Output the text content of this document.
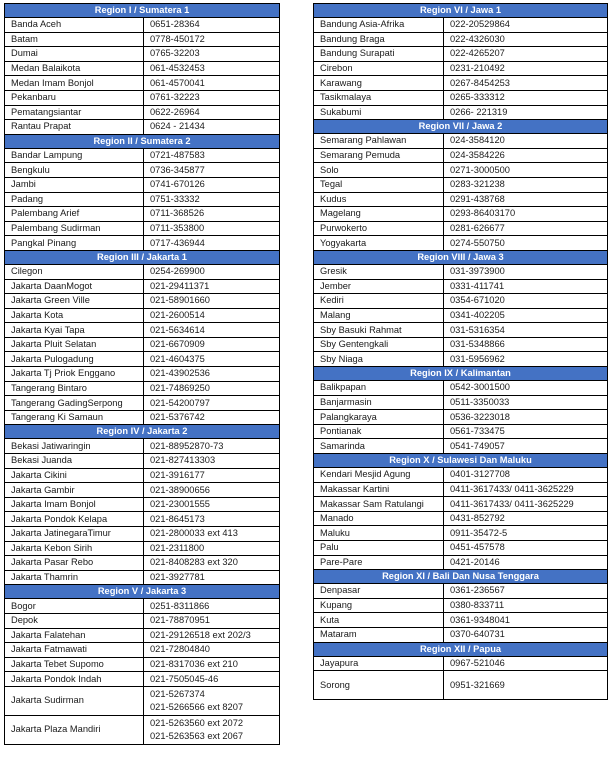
Region I / Sumatera 1	
Banda Aceh	0651-28364
Batam	0778-450172
Dumai	0765-32203
Medan Balaikota	061-4532453
Medan Imam Bonjol	061-4570041
Pekanbaru	0761-32223
Pematangsiantar	0622-26964
Rantau Prapat	0624 - 21434
Region II / Sumatera 2	
Bandar Lampung	0721-487583
Bengkulu	0736-345877
Jambi	0741-670126
Padang	0751-33332
Palembang Arief	0711-368526
Palembang Sudirman	0711-353800
Pangkal Pinang	0717-436944
Region III / Jakarta 1	
Cilegon	0254-269900
Jakarta DaanMogot	021-29411371
Jakarta Green Ville	021-58901660
Jakarta Kota	021-2600514
Jakarta Kyai Tapa	021-5634614
Jakarta Pluit Selatan	021-6670909
Jakarta Pulogadung	021-4604375
Jakarta Tj Priok Enggano	021-43902536
Tangerang Bintaro	021-74869250
Tangerang GadingSerpong	021-54200797
Tangerang Ki Samaun	021-5376742
Region IV / Jakarta 2	
Bekasi Jatiwaringin	021-88952870-73
Bekasi Juanda	021-827413303
Jakarta Cikini	021-3916177
Jakarta Gambir	021-38900656
Jakarta Imam Bonjol	021-23001555
Jakarta Pondok Kelapa	021-8645173
Jakarta JatinegaraTimur	021-2800033 ext 413
Jakarta Kebon Sirih	021-2311800
Jakarta Pasar Rebo	021-8408283 ext 320
Jakarta Thamrin	021-3927781
Region V / Jakarta 3	
Bogor	0251-8311866
Depok	021-78870951
Jakarta Falatehan	021-29126518 ext 202/3
Jakarta Fatmawati	021-72804840
Jakarta Tebet Supomo	021-8317036 ext 210
Jakarta Pondok Indah	021-7505045-46
Jakarta Sudirman	021-5267374
021-5266566 ext 8207
Jakarta Plaza Mandiri	021-5263560 ext 2072
021-5263563 ext 2067
Region VI / Jawa 1	
Bandung Asia-Afrika	022-20529864
Bandung Braga	022-4326030
Bandung Surapati	022-4265207
Cirebon	0231-210492
Karawang	0267-8454253
Tasikmalaya	0265-333312
Sukabumi	0266- 221319
Region VII / Jawa 2	
Semarang Pahlawan	024-3584120
Semarang Pemuda	024-3584226
Solo	0271-3000500
Tegal	0283-321238
Kudus	0291-438768
Magelang	0293-86403170
Purwokerto	0281-626677
Yogyakarta	0274-550750
Region VIII / Jawa 3	
Gresik	031-3973900
Jember	0331-411741
Kediri	0354-671020
Malang	0341-402205
Sby Basuki Rahmat	031-5316354
Sby Gentengkali	031-5348866
Sby Niaga	031-5956962
Region IX / Kalimantan	
Balikpapan	0542-3001500
Banjarmasin	0511-3350033
Palangkaraya	0536-3223018
Pontianak	0561-733475
Samarinda	0541-749057
Region X / Sulawesi Dan Maluku	
Kendari Mesjid Agung	0401-3127708
Makassar Kartini	0411-3617433/ 0411-3625229
Makassar Sam Ratulangi	0411-3617433/ 0411-3625229
Manado	0431-852792
Maluku	0911-35472-5
Palu	0451-457578
Pare-Pare	0421-20146
Region XI / Bali Dan Nusa Tenggara	
Denpasar	0361-236567
Kupang	0380-833711
Kuta	0361-9348041
Mataram	0370-640731
Region XII / Papua	
Jayapura	0967-521046
Sorong	0951-321669
